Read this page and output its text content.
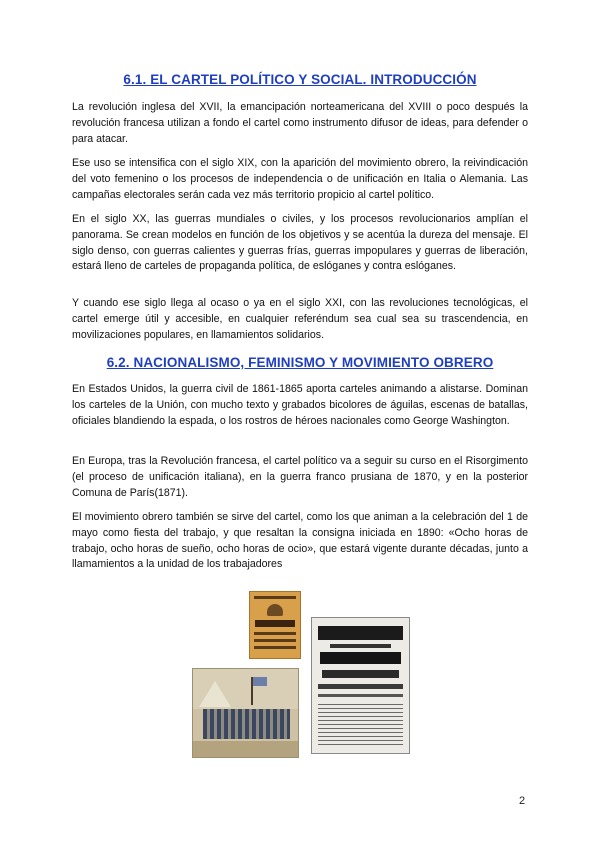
6.1. EL CARTEL POLÍTICO Y SOCIAL. INTRODUCCIÓN

La revolución inglesa del XVII, la emancipación norteamericana del XVIII o poco después la revolución francesa utilizan a fondo el cartel como instrumento difusor de ideas, para defender o para atacar.

Ese uso se intensifica con el siglo XIX, con la aparición del movimiento obrero, la reivindicación del voto femenino o los procesos de independencia o de unificación en Italia o Alemania. Las campañas electorales serán cada vez más territorio propicio al cartel político.

En el siglo XX, las guerras mundiales o civiles, y los procesos revolucionarios amplían el panorama. Se crean modelos en función de los objetivos y se acentúa la dureza del mensaje. El siglo denso, con guerras calientes y guerras frías, guerras impopulares y guerras de liberación, estará lleno de carteles de propaganda política, de eslóganes y contra eslóganes.

Y cuando ese siglo llega al ocaso o ya en el siglo XXI, con las revoluciones tecnológicas, el cartel emerge útil y accesible, en cualquier referéndum sea cual sea su trascendencia, en movilizaciones populares, en llamamientos solidarios.

6.2. NACIONALISMO, FEMINISMO Y MOVIMIENTO OBRERO

En Estados Unidos, la guerra civil de 1861-1865 aporta carteles animando a alistarse. Dominan los carteles de la Unión, con mucho texto y grabados bicolores de águilas, escenas de batallas, oficiales blandiendo la espada, o los rostros de héroes nacionales como George Washington.

En Europa, tras la Revolución francesa, el cartel político va a seguir su curso en el Risorgimento (el proceso de unificación italiana), en la guerra franco prusiana de 1870, y en la posterior Comuna de París(1871).

El movimiento obrero también se sirve del cartel, como los que animan a la celebración del 1 de mayo como fiesta del trabajo, y que resaltan la consigna iniciada en 1890: «Ocho horas de trabajo, ocho horas de sueño, ocho horas de ocio», que estará vigente durante décadas, junto a llamamientos a la unidad de los trabajadores

2
